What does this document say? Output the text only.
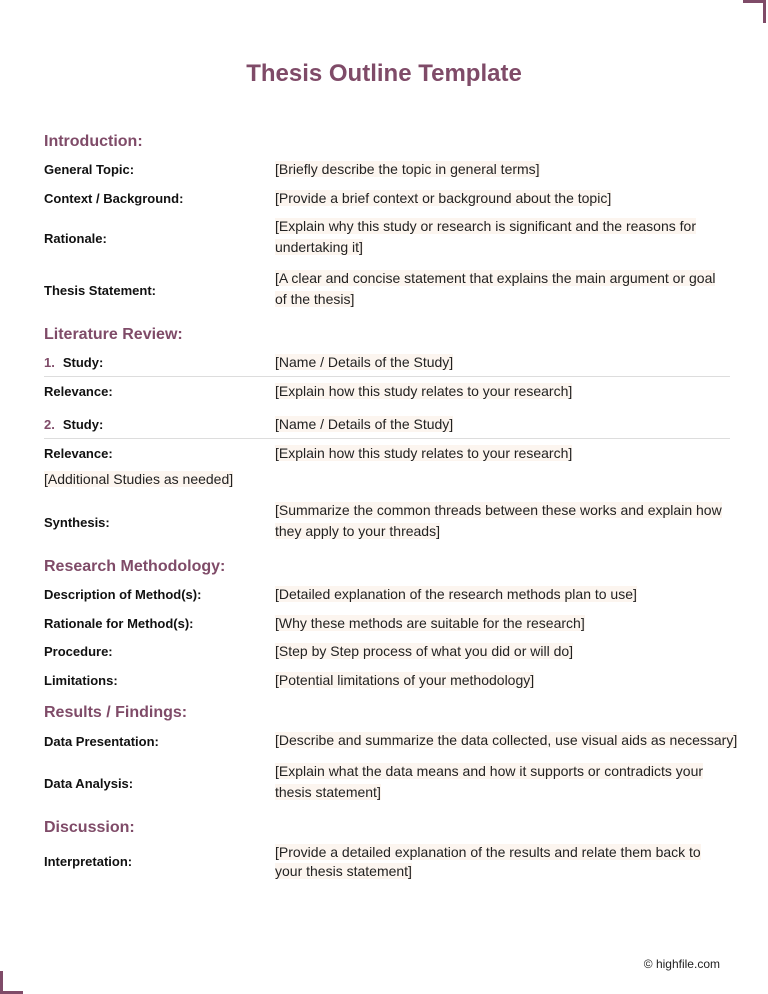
Thesis Outline Template
Introduction:
General Topic:	[Briefly describe the topic in general terms]
Context / Background:	[Provide a brief context or background about the topic]
Rationale:
[Explain why this study or research is significant and the reasons for
undertaking it]
Thesis Statement:
[A clear and concise statement that explains the main argument or goal
of the thesis]
Literature Review:
1. Study:	[Name / Details of the Study]
Relevance:	[Explain how this study relates to your research]
2. Study:	[Name / Details of the Study]
Relevance:	[Explain how this study relates to your research]
[Additional Studies as needed]
Synthesis:
[Summarize the common threads between these works and explain how
they apply to your threads]
Research Methodology:
Description of Method(s):	[Detailed explanation of the research methods plan to use]
Rationale for Method(s):	[Why these methods are suitable for the research]
Procedure:	[Step by Step process of what you did or will do]
Limitations:	[Potential limitations of your methodology]
Results / Findings:
Data Presentation:	[Describe and summarize the data collected, use visual aids as necessary]
Data Analysis:
[Explain what the data means and how it supports or contradicts your
thesis statement]
Discussion:
Interpretation:
[Provide a detailed explanation of the results and relate them back to
your thesis statement]
© highfile.com
